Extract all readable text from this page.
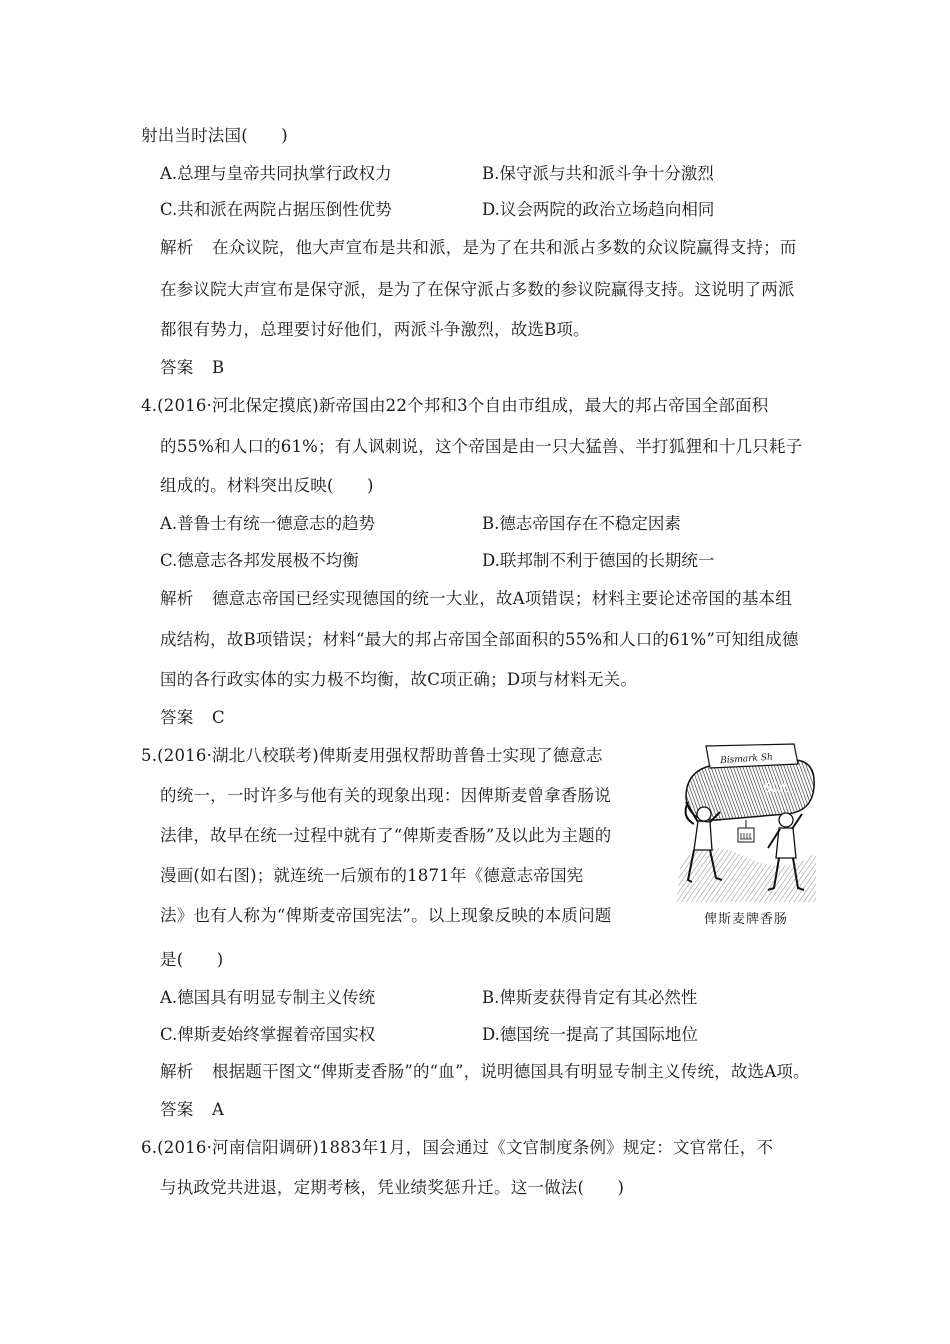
射出当时法国(　　)
A.总理与皇帝共同执掌行政权力	B.保守派与共和派斗争十分激烈
C.共和派在两院占据压倒性优势	D.议会两院的政治立场趋向相同
解析 在众议院，他大声宣布是共和派，是为了在共和派占多数的众议院赢得支持；而
在参议院大声宣布是保守派，是为了在保守派占多数的参议院赢得支持。这说明了两派
都很有势力，总理要讨好他们，两派斗争激烈，故选B项。
答案 B
4.(2016·河北保定摸底)新帝国由22个邦和3个自由市组成，最大的邦占帝国全部面积
的55%和人口的61%；有人讽刺说，这个帝国是由一只大猛兽、半打狐狸和十几只耗子
组成的。材料突出反映(　　)
A.普鲁士有统一德意志的趋势	B.德志帝国存在不稳定因素
C.德意志各邦发展极不均衡	D.联邦制不利于德国的长期统一
解析 德意志帝国已经实现德国的统一大业，故A项错误；材料主要论述帝国的基本组
成结构，故B项错误；材料“最大的邦占帝国全部面积的55%和人口的61%”可知组成德
国的各行政实体的实力极不均衡，故C项正确；D项与材料无关。
答案 C
5.(2016·湖北八校联考)俾斯麦用强权帮助普鲁士实现了德意志
的统一，一时许多与他有关的现象出现：因俾斯麦曾拿香肠说
法律，故早在统一过程中就有了“俾斯麦香肠”及以此为主题的
漫画(如右图)；就连统一后颁布的1871年《德意志帝国宪
法》也有人称为“俾斯麦帝国宪法”。以上现象反映的本质问题
是(　　)
Bismark Sh
Blut
俾斯麦牌香肠
A.德国具有明显专制主义传统	B.俾斯麦获得肯定有其必然性
C.俾斯麦始终掌握着帝国实权	D.德国统一提高了其国际地位
解析 根据题干图文“俾斯麦香肠”的“血”，说明德国具有明显专制主义传统，故选A项。
答案 A
6.(2016·河南信阳调研)1883年1月，国会通过《文官制度条例》规定：文官常任，不
与执政党共进退，定期考核，凭业绩奖惩升迁。这一做法(　　)
